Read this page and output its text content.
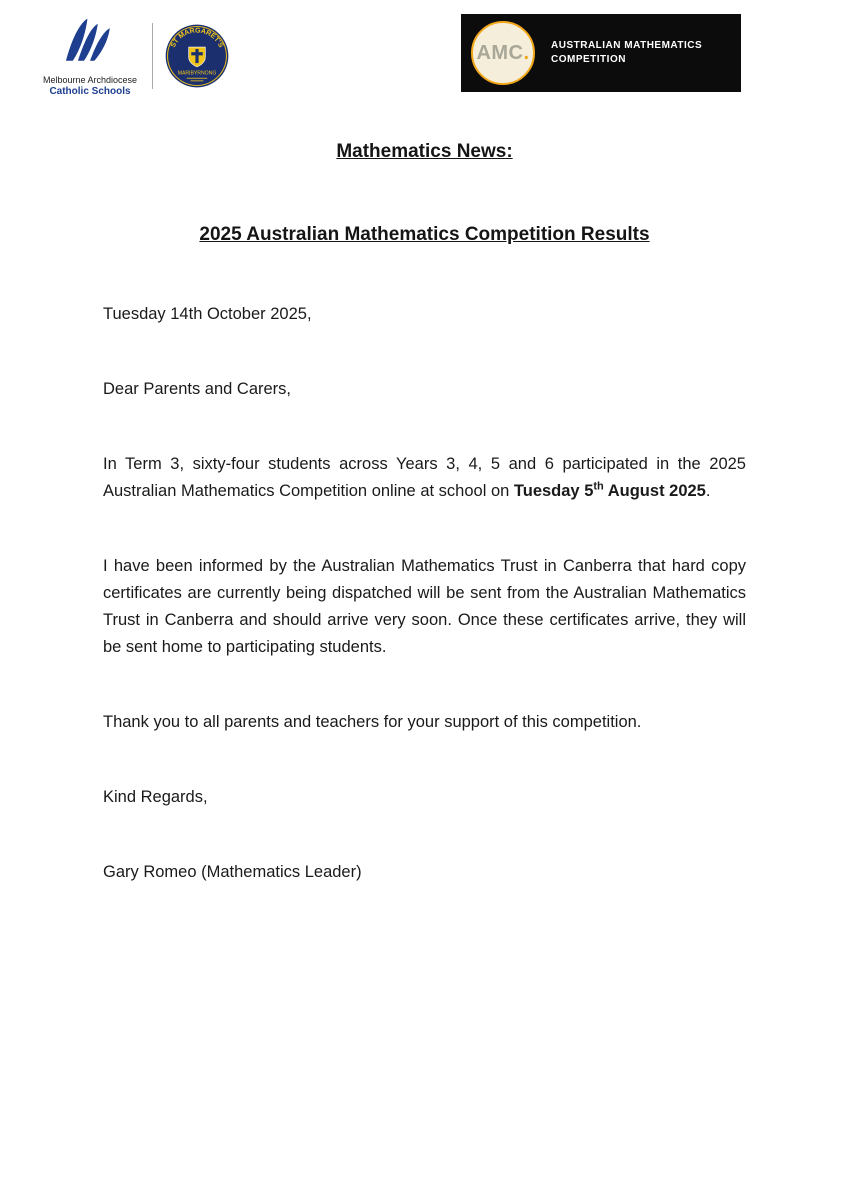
Melbourne Archdiocese
Catholic Schools
ST MARGARET'S
MARIBYRNONG
AMC . AUSTRALIAN MATHEMATICS
COMPETITION
Mathematics News:
2025 Australian Mathematics Competition Results

Tuesday 14th October 2025,

Dear Parents and Carers,

In Term 3, sixty-four students across Years 3, 4, 5 and 6 participated in the 2025 Australian Mathematics Competition online at school on Tuesday 5th August 2025.

I have been informed by the Australian Mathematics Trust in Canberra that hard copy certificates are currently being dispatched will be sent from the Australian Mathematics Trust in Canberra and should arrive very soon. Once these certificates arrive, they will be sent home to participating students.

Thank you to all parents and teachers for your support of this competition.

Kind Regards,

Gary Romeo (Mathematics Leader)
